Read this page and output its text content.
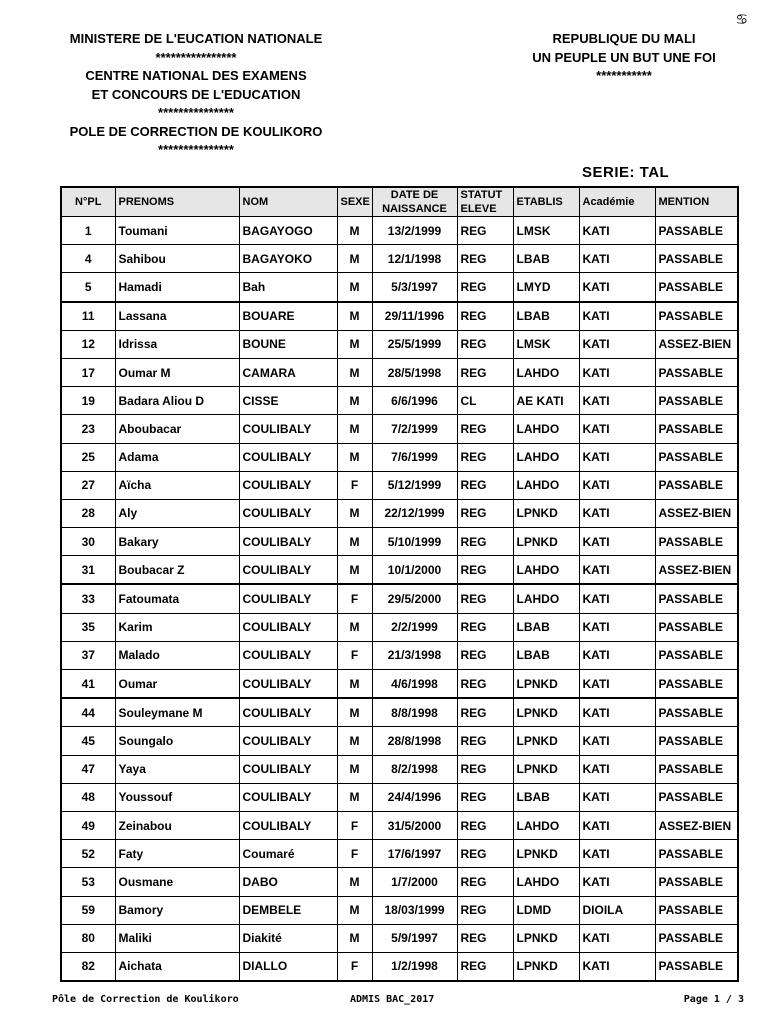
♋
MINISTERE DE L'EUCATION NATIONALE
****************
CENTRE NATIONAL DES EXAMENS
ET CONCOURS DE L'EDUCATION
***************
POLE DE CORRECTION DE KOULIKORO
***************
REPUBLIQUE DU MALI
UN PEUPLE UN BUT UNE FOI
***********
SERIE: TAL
N°PL	PRENOMS	NOM	SEXE	DATE DE NAISSANCE	STATUT ELEVE	ETABLIS	Académie	MENTION
1	Toumani	BAGAYOGO	M	13/2/1999	REG	LMSK	KATI	PASSABLE
4	Sahibou	BAGAYOKO	M	12/1/1998	REG	LBAB	KATI	PASSABLE
5	Hamadi	Bah	M	5/3/1997	REG	LMYD	KATI	PASSABLE
11	Lassana	BOUARE	M	29/11/1996	REG	LBAB	KATI	PASSABLE
12	Idrissa	BOUNE	M	25/5/1999	REG	LMSK	KATI	ASSEZ-BIEN
17	Oumar M	CAMARA	M	28/5/1998	REG	LAHDO	KATI	PASSABLE
19	Badara Aliou D	CISSE	M	6/6/1996	CL	AE KATI	KATI	PASSABLE
23	Aboubacar	COULIBALY	M	7/2/1999	REG	LAHDO	KATI	PASSABLE
25	Adama	COULIBALY	M	7/6/1999	REG	LAHDO	KATI	PASSABLE
27	Aïcha	COULIBALY	F	5/12/1999	REG	LAHDO	KATI	PASSABLE
28	Aly	COULIBALY	M	22/12/1999	REG	LPNKD	KATI	ASSEZ-BIEN
30	Bakary	COULIBALY	M	5/10/1999	REG	LPNKD	KATI	PASSABLE
31	Boubacar Z	COULIBALY	M	10/1/2000	REG	LAHDO	KATI	ASSEZ-BIEN
33	Fatoumata	COULIBALY	F	29/5/2000	REG	LAHDO	KATI	PASSABLE
35	Karim	COULIBALY	M	2/2/1999	REG	LBAB	KATI	PASSABLE
37	Malado	COULIBALY	F	21/3/1998	REG	LBAB	KATI	PASSABLE
41	Oumar	COULIBALY	M	4/6/1998	REG	LPNKD	KATI	PASSABLE
44	Souleymane M	COULIBALY	M	8/8/1998	REG	LPNKD	KATI	PASSABLE
45	Soungalo	COULIBALY	M	28/8/1998	REG	LPNKD	KATI	PASSABLE
47	Yaya	COULIBALY	M	8/2/1998	REG	LPNKD	KATI	PASSABLE
48	Youssouf	COULIBALY	M	24/4/1996	REG	LBAB	KATI	PASSABLE
49	Zeinabou	COULIBALY	F	31/5/2000	REG	LAHDO	KATI	ASSEZ-BIEN
52	Faty	Coumaré	F	17/6/1997	REG	LPNKD	KATI	PASSABLE
53	Ousmane	DABO	M	1/7/2000	REG	LAHDO	KATI	PASSABLE
59	Bamory	DEMBELE	M	18/03/1999	REG	LDMD	DIOILA	PASSABLE
80	Maliki	Diakité	M	5/9/1997	REG	LPNKD	KATI	PASSABLE
82	Aichata	DIALLO	F	1/2/1998	REG	LPNKD	KATI	PASSABLE
Pôle de Correction de Koulikoro	ADMIS BAC_2017	Page 1 / 3
